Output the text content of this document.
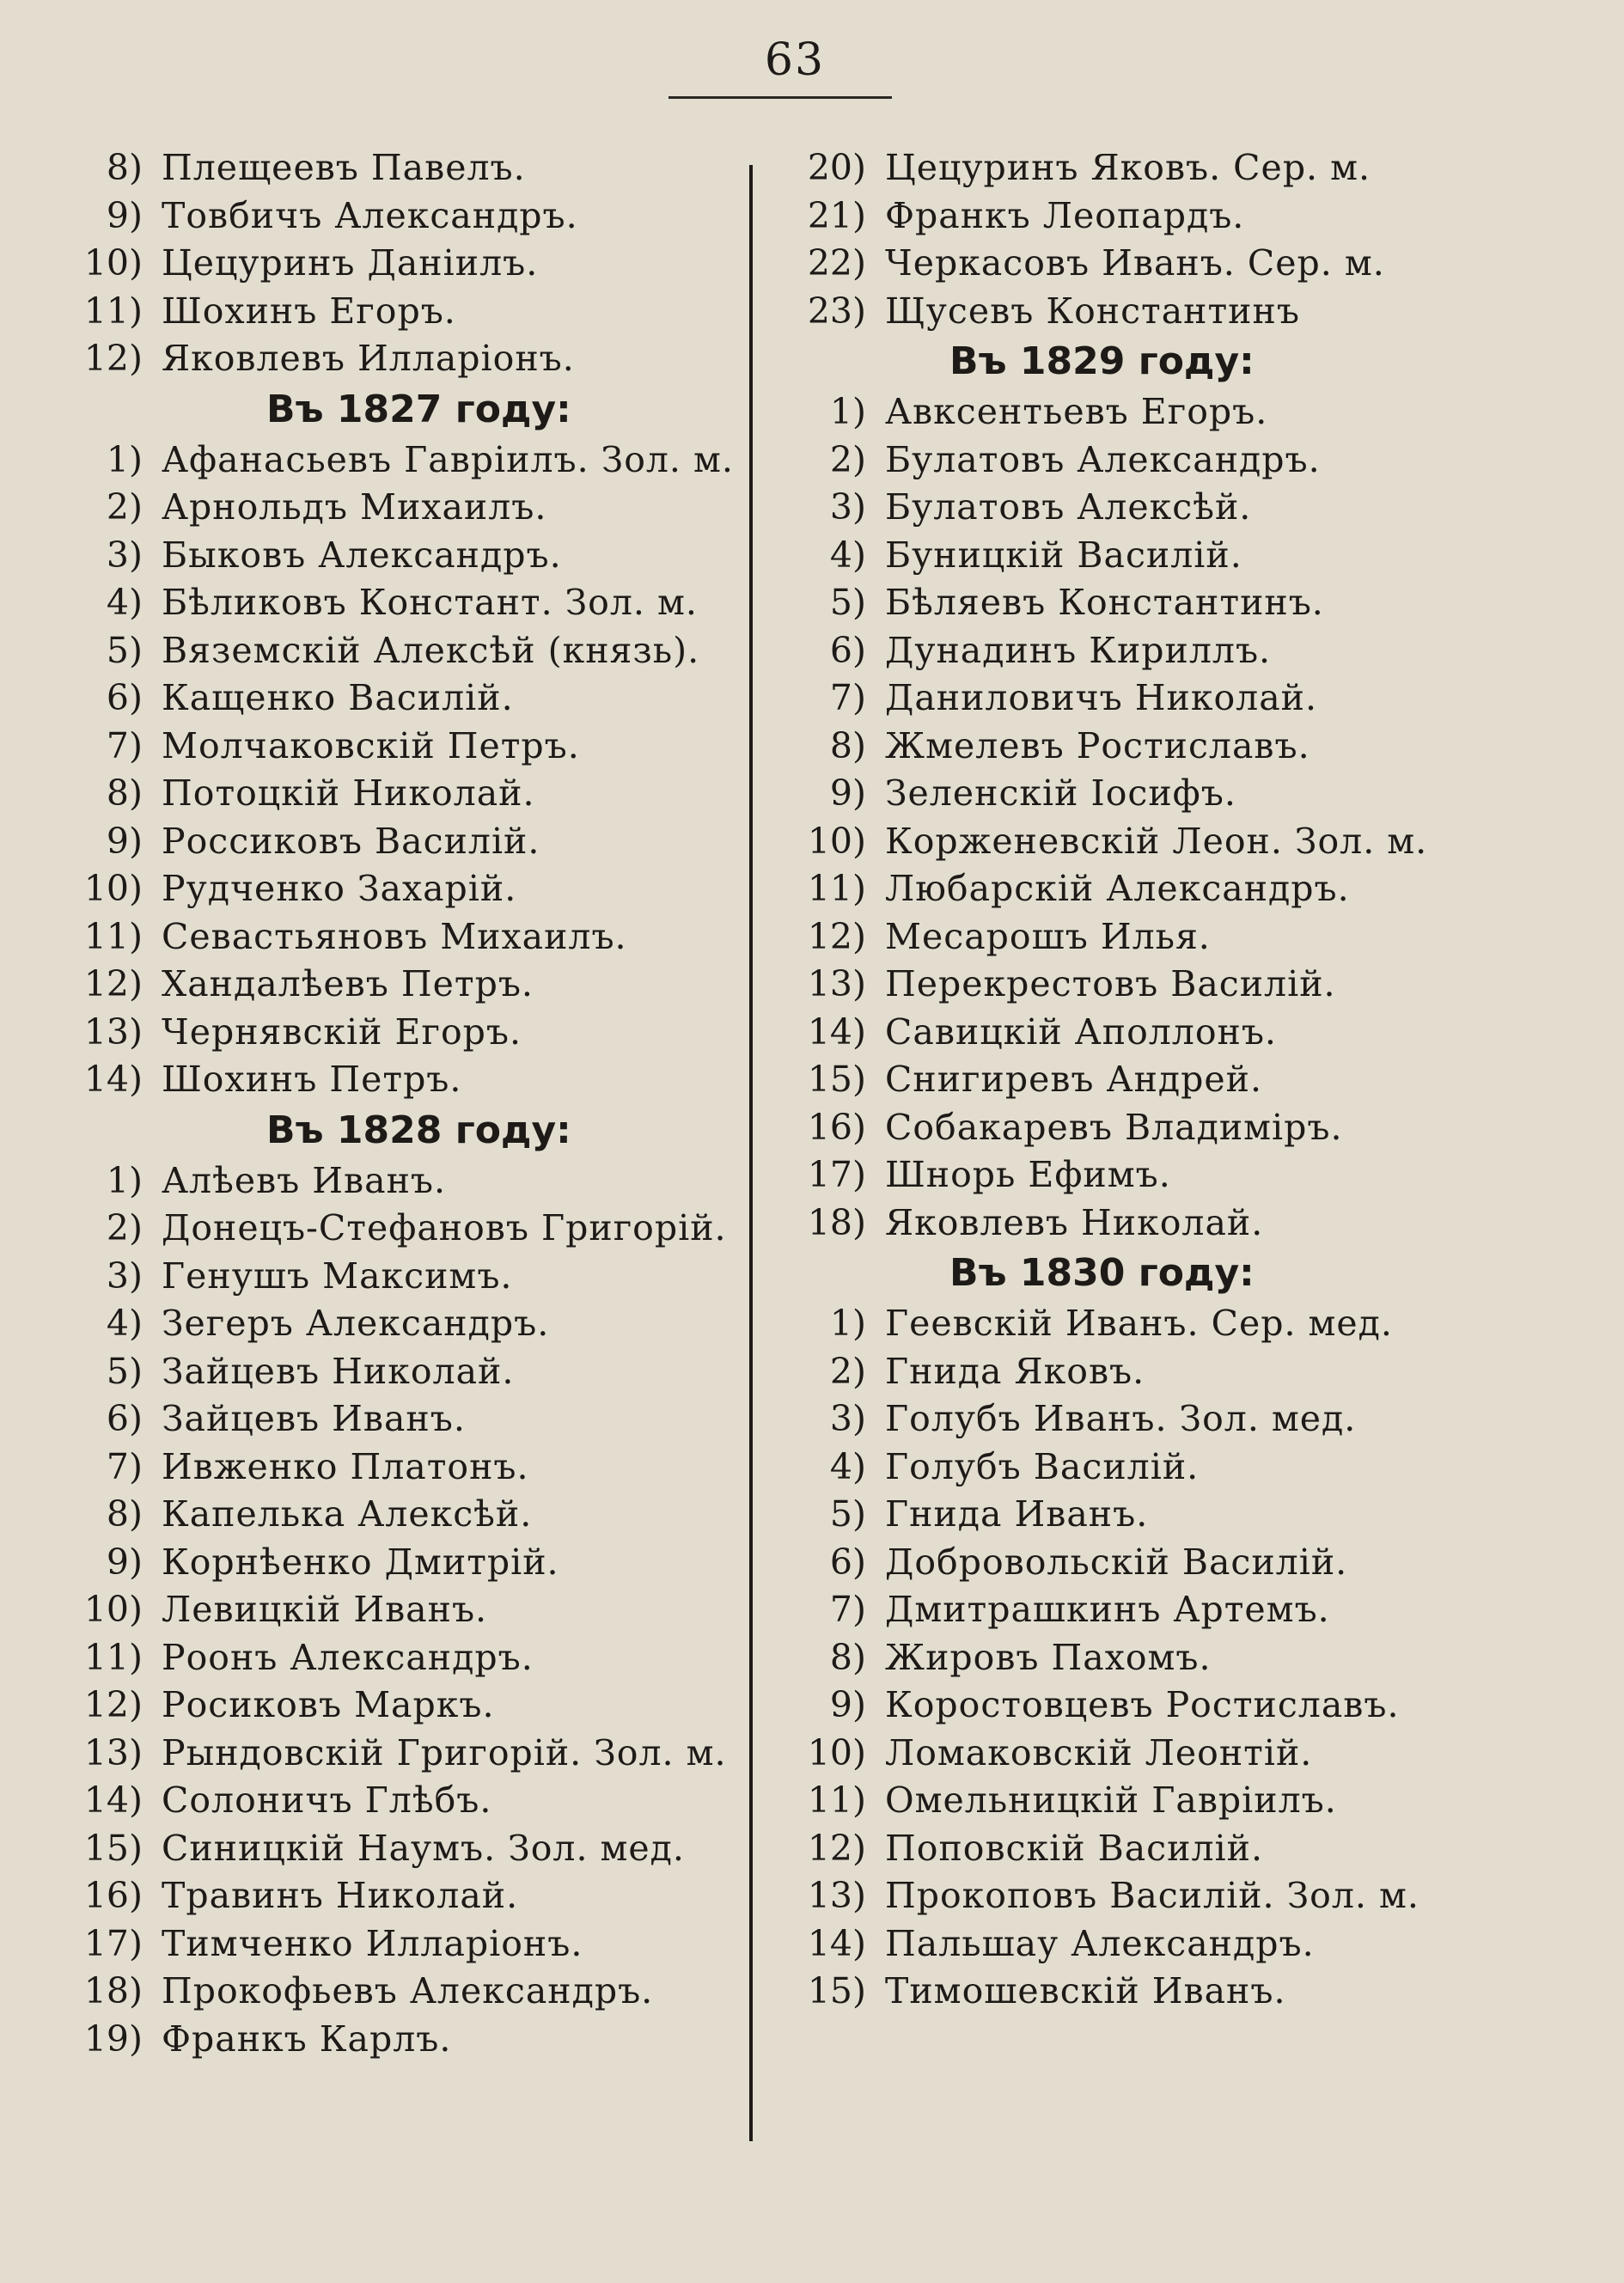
63
8) Плещеевъ Павелъ.
9) Товбичъ Александръ.
10) Цецуринъ Даніилъ.
11) Шохинъ Егоръ.
12) Яковлевъ Илларіонъ.
Въ 1827 году:
1) Афанасьевъ Гавріилъ. Зол. м.
2) Арнольдъ Михаилъ.
3) Быковъ Александръ.
4) Бѣликовъ Констант. Зол. м.
5) Вяземскій Алексѣй (князь).
6) Кащенко Василій.
7) Молчаковскій Петръ.
8) Потоцкій Николай.
9) Россиковъ Василій.
10) Рудченко Захарій.
11) Севастьяновъ Михаилъ.
12) Хандалѣевъ Петръ.
13) Чернявскій Егоръ.
14) Шохинъ Петръ.
Въ 1828 году:
1) Алѣевъ Иванъ.
2) Донецъ-Стефановъ Григорій.
3) Генушъ Максимъ.
4) Зегеръ Александръ.
5) Зайцевъ Николай.
6) Зайцевъ Иванъ.
7) Ивженко Платонъ.
8) Капелька Алексѣй.
9) Корнѣенко Дмитрій.
10) Левицкій Иванъ.
11) Роонъ Александръ.
12) Росиковъ Маркъ.
13) Рындовскій Григорій. Зол. м.
14) Солоничъ Глѣбъ.
15) Синицкій Наумъ. Зол. мед.
16) Травинъ Николай.
17) Тимченко Илларіонъ.
18) Прокофьевъ Александръ.
19) Франкъ Карлъ.
20) Цецуринъ Яковъ. Сер. м.
21) Франкъ Леопардъ.
22) Черкасовъ Иванъ. Сер. м.
23) Щусевъ Константинъ
Въ 1829 году:
1) Авксентьевъ Егоръ.
2) Булатовъ Александръ.
3) Булатовъ Алексѣй.
4) Буницкій Василій.
5) Бѣляевъ Константинъ.
6) Дунадинъ Кириллъ.
7) Даниловичъ Николай.
8) Жмелевъ Ростиславъ.
9) Зеленскій Іосифъ.
10) Корженевскій Леон. Зол. м.
11) Любарскій Александръ.
12) Месарошъ Илья.
13) Перекрестовъ Василій.
14) Савицкій Аполлонъ.
15) Снигиревъ Андрей.
16) Собакаревъ Владиміръ.
17) Шнорь Ефимъ.
18) Яковлевъ Николай.
Въ 1830 году:
1) Геевскій Иванъ. Сер. мед.
2) Гнида Яковъ.
3) Голубъ Иванъ. Зол. мед.
4) Голубъ Василій.
5) Гнида Иванъ.
6) Добровольскій Василій.
7) Дмитрашкинъ Артемъ.
8) Жировъ Пахомъ.
9) Коростовцевъ Ростиславъ.
10) Ломаковскій Леонтій.
11) Омельницкій Гавріилъ.
12) Поповскій Василій.
13) Прокоповъ Василій. Зол. м.
14) Пальшау Александръ.
15) Тимошевскій Иванъ.
